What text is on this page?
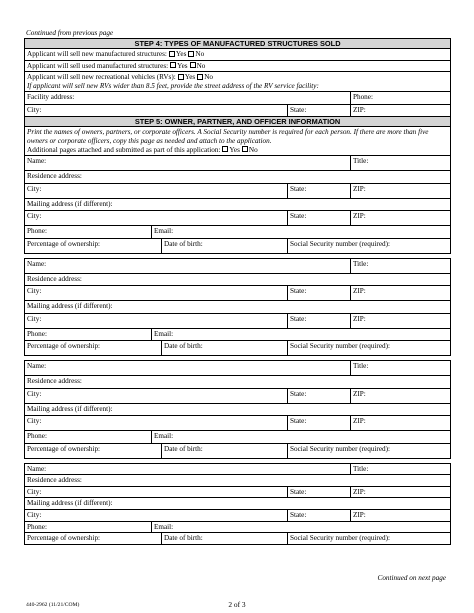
Continued from previous page
STEP 4: TYPES OF MANUFACTURED STRUCTURES SOLD				
Applicant will sell new manufactured structures: Yes No				
Applicant will sell used manufactured structures: Yes No				
Applicant will sell new recreational vehicles (RVs): Yes No
If applicant will sell new RVs wider than 8.5 feet, provide the street address of the RV service facility:				
Facility address:				Phone:
City:			State:	ZIP:
STEP 5: OWNER, PARTNER, AND OFFICER INFORMATION				
Print the names of owners, partners, or corporate officers. A Social Security number is required for each person. If there are more than five owners or corporate officers, copy this page as needed and attach to the application.
Additional pages attached and submitted as part of this application: Yes No				
Name:				Title:
Residence address:				
City:			State:	ZIP:
Mailing address (if different):				
City:			State:	ZIP:
Phone:	Email:			
Percentage of ownership:		Date of birth:	Social Security number (required):	

Name:				Title:
Residence address:				
City:			State:	ZIP:
Mailing address (if different):				
City:			State:	ZIP:
Phone:	Email:			
Percentage of ownership:		Date of birth:	Social Security number (required):	

Name:				Title:
Residence address:				
City:			State:	ZIP:
Mailing address (if different):				
City:			State:	ZIP:
Phone:	Email:			
Percentage of ownership:		Date of birth:	Social Security number (required):	

Name:				Title:
Residence address:				
City:			State:	ZIP:
Mailing address (if different):				
City:			State:	ZIP:
Phone:	Email:			
Percentage of ownership:		Date of birth:	Social Security number (required):	
Continued on next page
440-2962 (11/21/COM)	2 of 3
